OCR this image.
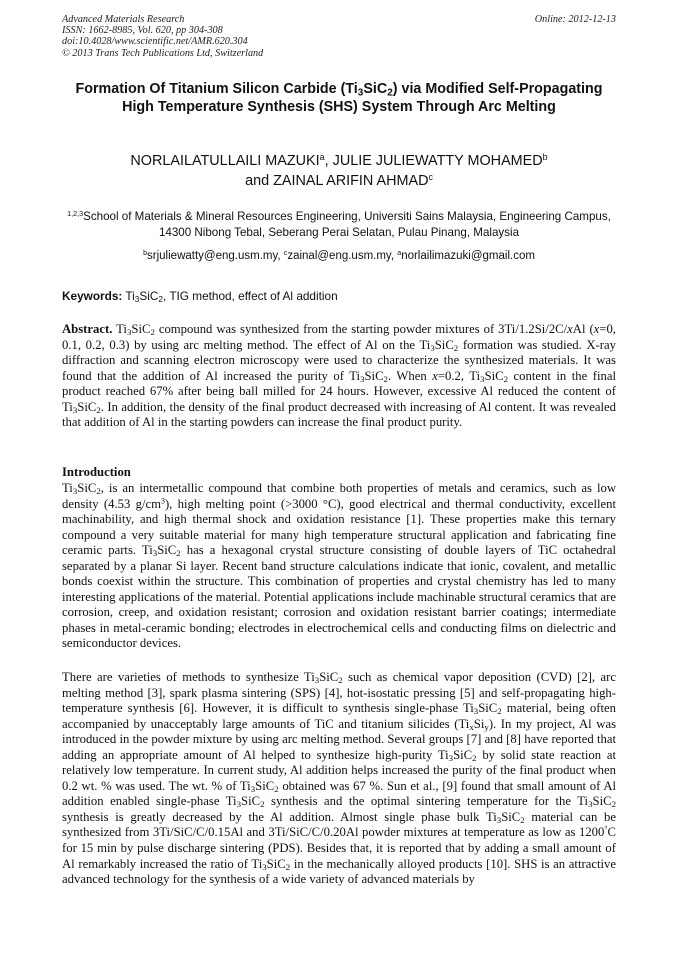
Advanced Materials Research
ISSN: 1662-8985, Vol. 620, pp 304-308
doi:10.4028/www.scientific.net/AMR.620.304
© 2013 Trans Tech Publications Ltd, Switzerland
Online: 2012-12-13
Formation Of Titanium Silicon Carbide $(Ti_3SiC_2)$ via Modified Self-Propagating High Temperature Synthesis (SHS) System Through Arc Melting
NORLAILATULLAILI MAZUKI$^a$, JULIE JULIEWATTY MOHAMED$^b$
and ZAINAL ARIFIN AHMAD$^c$
$^{1,2,3}$School of Materials & Mineral Resources Engineering, Universiti Sains Malaysia, Engineering Campus, 14300 Nibong Tebal, Seberang Perai Selatan, Pulau Pinang, Malaysia
$^b$srjuliewatty@eng.usm.my, $^c$zainal@eng.usm.my, $^a$norlailimazuki@gmail.com
Keywords: $Ti_3SiC_2$, TIG method, effect of Al addition
Abstract. $Ti_3SiC_2$ compound was synthesized from the starting powder mixtures of 3Ti/1.2Si/2C/xAl (x=0, 0.1, 0.2, 0.3) by using arc melting method. The effect of Al on the $Ti_3SiC_2$ formation was studied. X-ray diffraction and scanning electron microscopy were used to characterize the synthesized materials. It was found that the addition of Al increased the purity of $Ti_3SiC_2$. When x=0.2, $Ti_3SiC_2$ content in the final product reached 67% after being ball milled for 24 hours. However, excessive Al reduced the content of $Ti_3SiC_2$. In addition, the density of the final product decreased with increasing of Al content. It was revealed that addition of Al in the starting powders can increase the final product purity.
Introduction
$Ti_3SiC_2$, is an intermetallic compound that combine both properties of metals and ceramics, such as low density (4.53 $g/cm^3$), high melting point (>3000 °C), good electrical and thermal conductivity, excellent machinability, and high thermal shock and oxidation resistance [1]. These properties make this ternary compound a very suitable material for many high temperature structural application and fabricating fine ceramic parts. $Ti_3SiC_2$ has a hexagonal crystal structure consisting of double layers of TiC octahedral separated by a planar Si layer. Recent band structure calculations indicate that ionic, covalent, and metallic bonds coexist within the structure. This combination of properties and crystal chemistry has led to many interesting applications of the material. Potential applications include machinable structural ceramics that are corrosion, creep, and oxidation resistant; corrosion and oxidation resistant barrier coatings; intermediate phases in metal-ceramic bonding; electrodes in electrochemical cells and conducting films on dielectric and semiconductor devices.
There are varieties of methods to synthesize $Ti_3SiC_2$ such as chemical vapor deposition (CVD) [2], arc melting method [3], spark plasma sintering (SPS) [4], hot-isostatic pressing [5] and self-propagating high-temperature synthesis [6]. However, it is difficult to synthesis single-phase $Ti_3SiC_2$ material, being often accompanied by unacceptably large amounts of TiC and titanium silicides $(Ti_xSi_y)$. In my project, Al was introduced in the powder mixture by using arc melting method. Several groups [7] and [8] have reported that adding an appropriate amount of Al helped to synthesize high-purity $Ti_3SiC_2$ by solid state reaction at relatively low temperature. In current study, Al addition helps increased the purity of the final product when 0.2 wt. % was used. The wt. % of $Ti_3SiC_2$ obtained was 67 %. Sun et al., [9] found that small amount of Al addition enabled single-phase $Ti_3SiC_2$ synthesis and the optimal sintering temperature for the $Ti_3SiC_2$ synthesis is greatly decreased by the Al addition. Almost single phase bulk $Ti_3SiC_2$ material can be synthesized from 3Ti/SiC/C/0.15Al and 3Ti/SiC/C/0.20Al powder mixtures at temperature as low as 1200°C for 15 min by pulse discharge sintering (PDS). Besides that, it is reported that by adding a small amount of Al remarkably increased the ratio of $Ti_3SiC_2$ in the mechanically alloyed products [10]. SHS is an attractive advanced technology for the synthesis of a wide variety of advanced materials by
